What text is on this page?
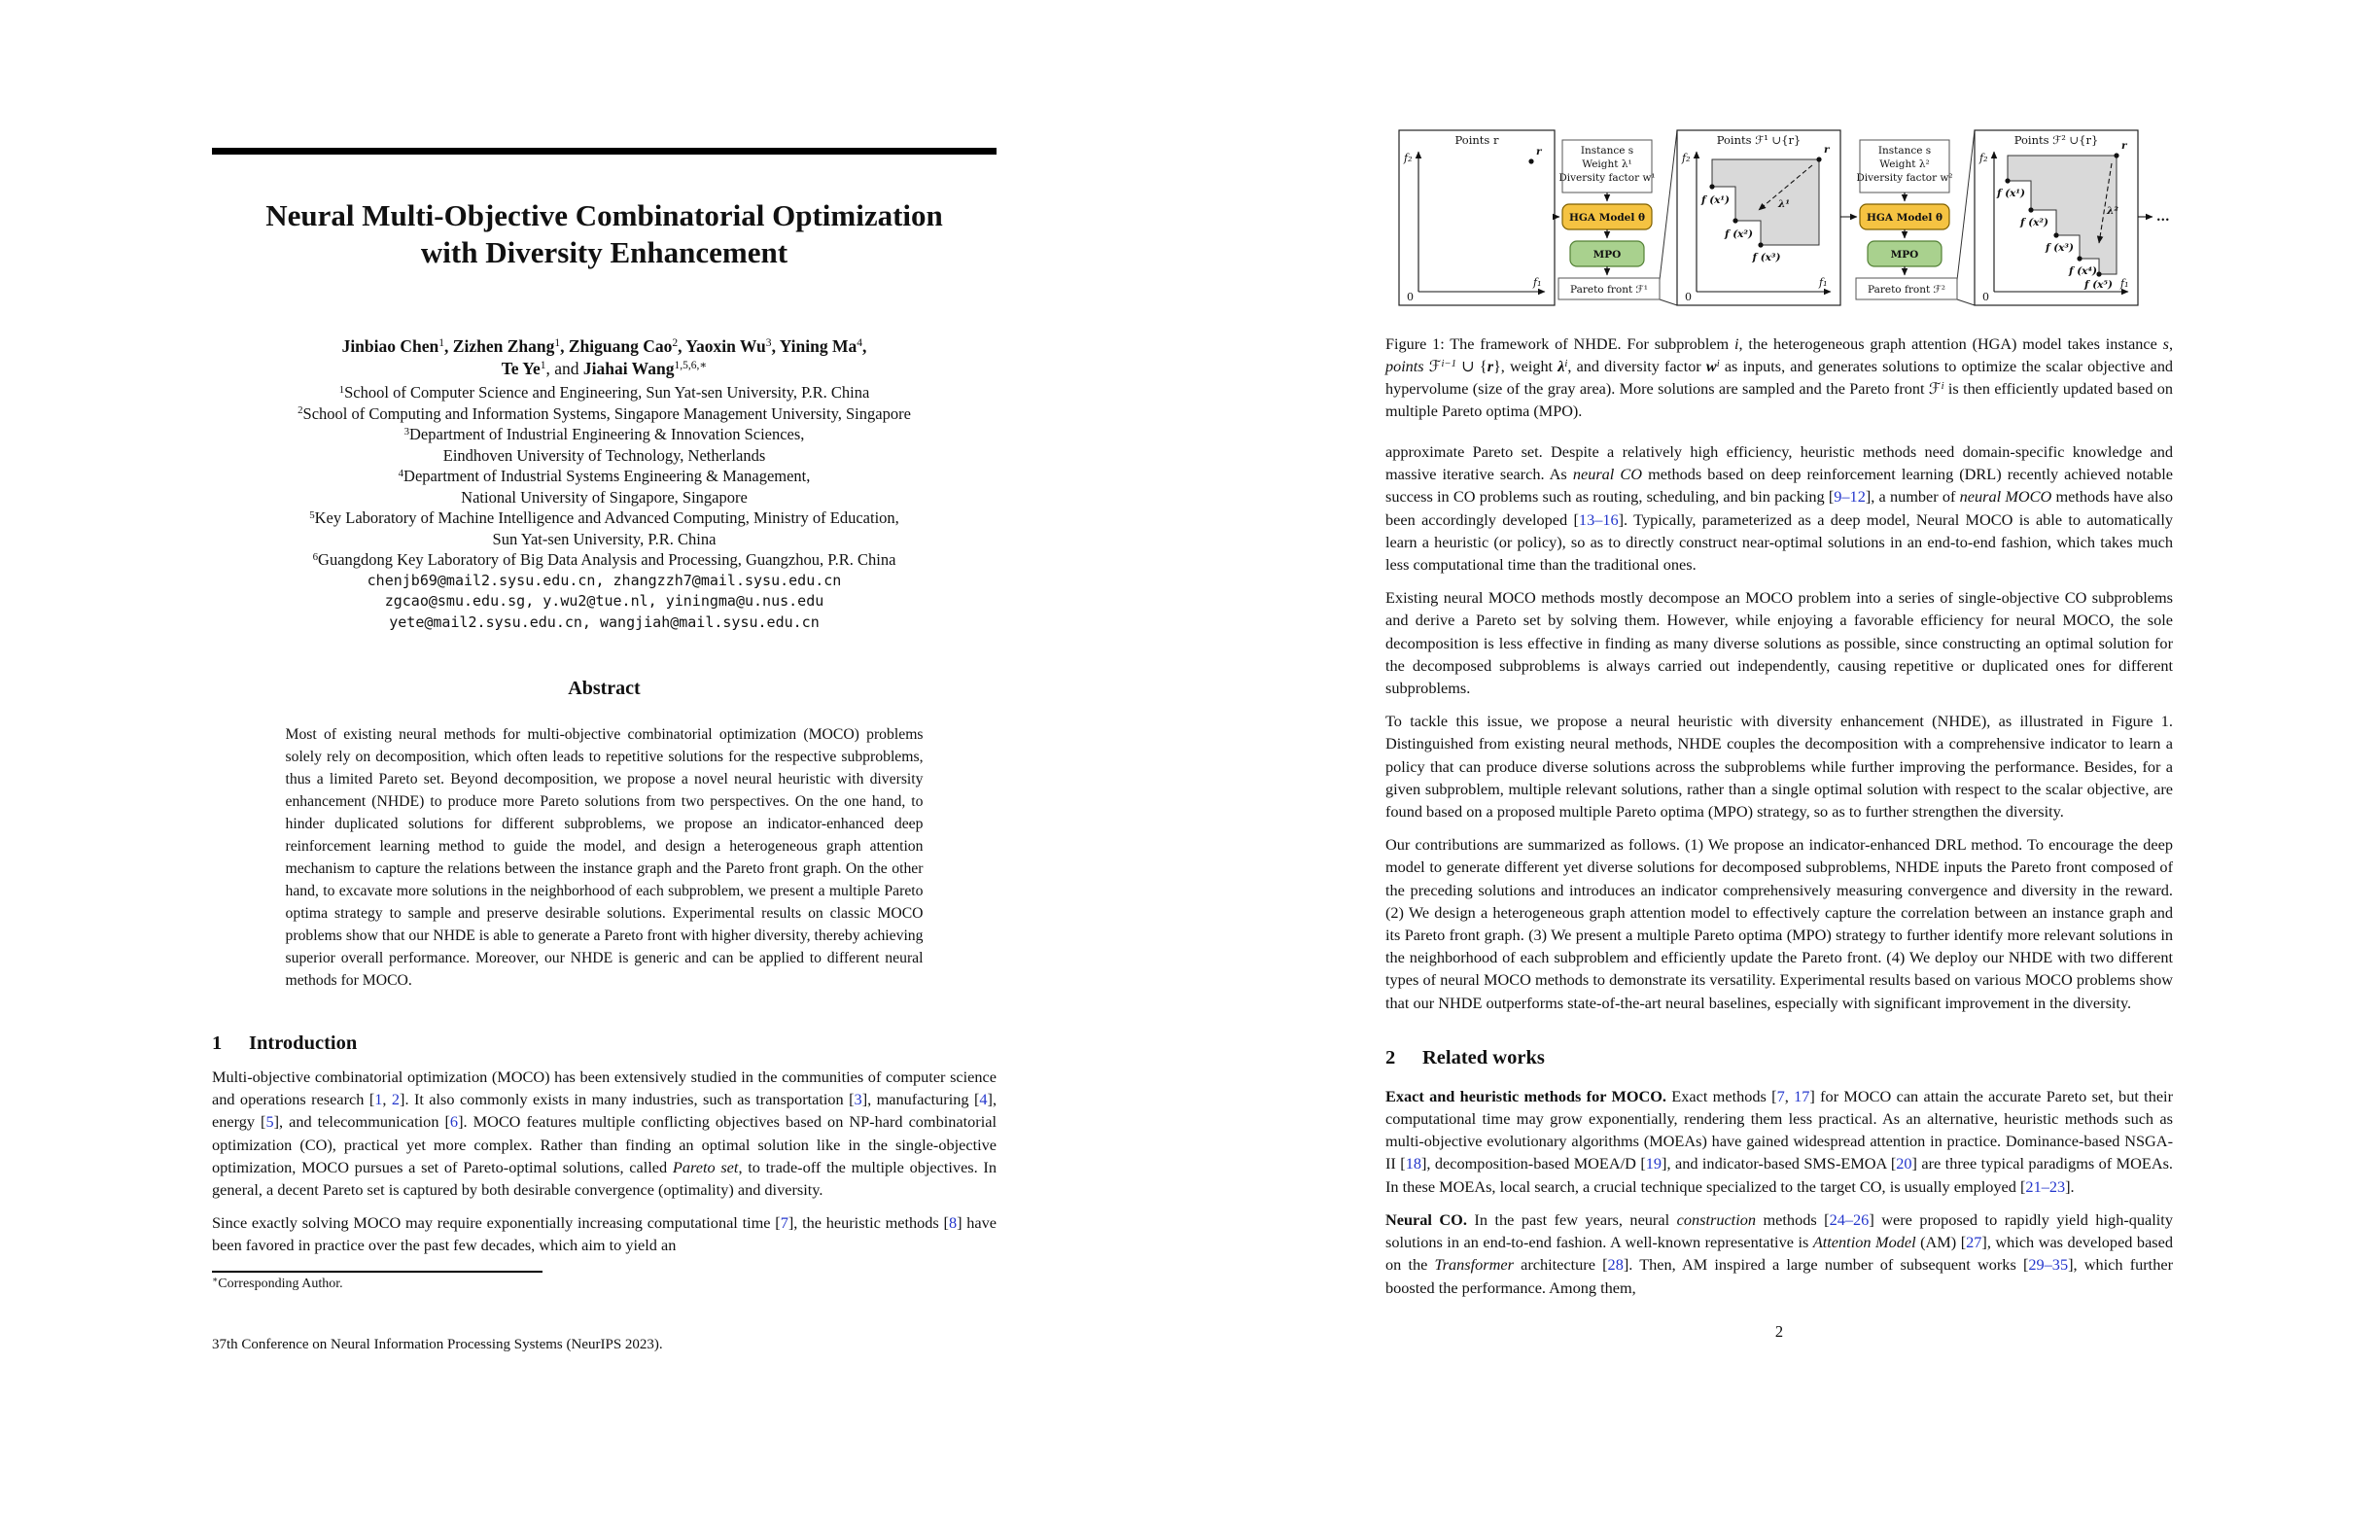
Neural Multi-Objective Combinatorial Optimization
with Diversity Enhancement
Jinbiao Chen$^1$, Zizhen Zhang$^1$, Zhiguang Cao$^2$, Yaoxin Wu$^3$, Yining Ma$^4$,
Te Ye$^1$, and Jiahai Wang$^{1,5,6,∗}$
$^1$School of Computer Science and Engineering, Sun Yat-sen University, P.R. China
$^2$School of Computing and Information Systems, Singapore Management University, Singapore
$^3$Department of Industrial Engineering & Innovation Sciences,
Eindhoven University of Technology, Netherlands
$^4$Department of Industrial Systems Engineering & Management,
National University of Singapore, Singapore
$^5$Key Laboratory of Machine Intelligence and Advanced Computing, Ministry of Education,
Sun Yat-sen University, P.R. China
$^6$Guangdong Key Laboratory of Big Data Analysis and Processing, Guangzhou, P.R. China
chenjb69@mail2.sysu.edu.cn, zhangzzh7@mail.sysu.edu.cn
zgcao@smu.edu.sg, y.wu2@tue.nl, yiningma@u.nus.edu
yete@mail2.sysu.edu.cn, wangjiah@mail.sysu.edu.cn
Abstract
Most of existing neural methods for multi-objective combinatorial optimization (MOCO) problems solely rely on decomposition, which often leads to repetitive solutions for the respective subproblems, thus a limited Pareto set. Beyond decomposition, we propose a novel neural heuristic with diversity enhancement (NHDE) to produce more Pareto solutions from two perspectives. On the one hand, to hinder duplicated solutions for different subproblems, we propose an indicator-enhanced deep reinforcement learning method to guide the model, and design a heterogeneous graph attention mechanism to capture the relations between the instance graph and the Pareto front graph. On the other hand, to excavate more solutions in the neighborhood of each subproblem, we present a multiple Pareto optima strategy to sample and preserve desirable solutions. Experimental results on classic MOCO problems show that our NHDE is able to generate a Pareto front with higher diversity, thereby achieving superior overall performance. Moreover, our NHDE is generic and can be applied to different neural methods for MOCO.
1 Introduction
Multi-objective combinatorial optimization (MOCO) has been extensively studied in the communities of computer science and operations research [1, 2]. It also commonly exists in many industries, such as transportation [3], manufacturing [4], energy [5], and telecommunication [6]. MOCO features multiple conflicting objectives based on NP-hard combinatorial optimization (CO), practical yet more complex. Rather than finding an optimal solution like in the single-objective optimization, MOCO pursues a set of Pareto-optimal solutions, called Pareto set, to trade-off the multiple objectives. In general, a decent Pareto set is captured by both desirable convergence (optimality) and diversity.
Since exactly solving MOCO may require exponentially increasing computational time [7], the heuristic methods [8] have been favored in practice over the past few decades, which aim to yield an
∗Corresponding Author.
37th Conference on Neural Information Processing Systems (NeurIPS 2023).
Points r
f₂
f₁
0
r	Instance s
Weight λ¹
Diversity factor w¹
HGA Model θ
MPO
Pareto front ℱ¹
Points ℱ¹ ∪{r}
f₂
f₁
0
λ¹
r
f (x¹)
f (x²)
f (x³)
Instance s
Weight λ²
Diversity factor w²
HGA Model θ
MPO
Pareto front ℱ²
Points ℱ² ∪{r}
f₂
f₁
0
λ²
r
f (x¹)
f (x²)
f (x³)
f (x⁴)
f (x⁵)
...
Figure 1: The framework of NHDE. For subproblem i, the heterogeneous graph attention (HGA) model takes instance s, points ℱ$^{i-1}$ ∪ {r}, weight $\lambda^i$, and diversity factor $w^i$ as inputs, and generates solutions to optimize the scalar objective and hypervolume (size of the gray area). More solutions are sampled and the Pareto front ℱ$^i$ is then efficiently updated based on multiple Pareto optima (MPO).
approximate Pareto set. Despite a relatively high efficiency, heuristic methods need domain-specific knowledge and massive iterative search. As neural CO methods based on deep reinforcement learning (DRL) recently achieved notable success in CO problems such as routing, scheduling, and bin packing [9–12], a number of neural MOCO methods have also been accordingly developed [13–16]. Typically, parameterized as a deep model, Neural MOCO is able to automatically learn a heuristic (or policy), so as to directly construct near-optimal solutions in an end-to-end fashion, which takes much less computational time than the traditional ones.
Existing neural MOCO methods mostly decompose an MOCO problem into a series of single-objective CO subproblems and derive a Pareto set by solving them. However, while enjoying a favorable efficiency for neural MOCO, the sole decomposition is less effective in finding as many diverse solutions as possible, since constructing an optimal solution for the decomposed subproblems is always carried out independently, causing repetitive or duplicated ones for different subproblems.
To tackle this issue, we propose a neural heuristic with diversity enhancement (NHDE), as illustrated in Figure 1. Distinguished from existing neural methods, NHDE couples the decomposition with a comprehensive indicator to learn a policy that can produce diverse solutions across the subproblems while further improving the performance. Besides, for a given subproblem, multiple relevant solutions, rather than a single optimal solution with respect to the scalar objective, are found based on a proposed multiple Pareto optima (MPO) strategy, so as to further strengthen the diversity.
Our contributions are summarized as follows. (1) We propose an indicator-enhanced DRL method. To encourage the deep model to generate different yet diverse solutions for decomposed subproblems, NHDE inputs the Pareto front composed of the preceding solutions and introduces an indicator comprehensively measuring convergence and diversity in the reward. (2) We design a heterogeneous graph attention model to effectively capture the correlation between an instance graph and its Pareto front graph. (3) We present a multiple Pareto optima (MPO) strategy to further identify more relevant solutions in the neighborhood of each subproblem and efficiently update the Pareto front. (4) We deploy our NHDE with two different types of neural MOCO methods to demonstrate its versatility. Experimental results based on various MOCO problems show that our NHDE outperforms state-of-the-art neural baselines, especially with significant improvement in the diversity.
2 Related works
Exact and heuristic methods for MOCO. Exact methods [7, 17] for MOCO can attain the accurate Pareto set, but their computational time may grow exponentially, rendering them less practical. As an alternative, heuristic methods such as multi-objective evolutionary algorithms (MOEAs) have gained widespread attention in practice. Dominance-based NSGA-II [18], decomposition-based MOEA/D [19], and indicator-based SMS-EMOA [20] are three typical paradigms of MOEAs. In these MOEAs, local search, a crucial technique specialized to the target CO, is usually employed [21–23].
Neural CO. In the past few years, neural construction methods [24–26] were proposed to rapidly yield high-quality solutions in an end-to-end fashion. A well-known representative is Attention Model (AM) [27], which was developed based on the Transformer architecture [28]. Then, AM inspired a large number of subsequent works [29–35], which further boosted the performance. Among them,
2
